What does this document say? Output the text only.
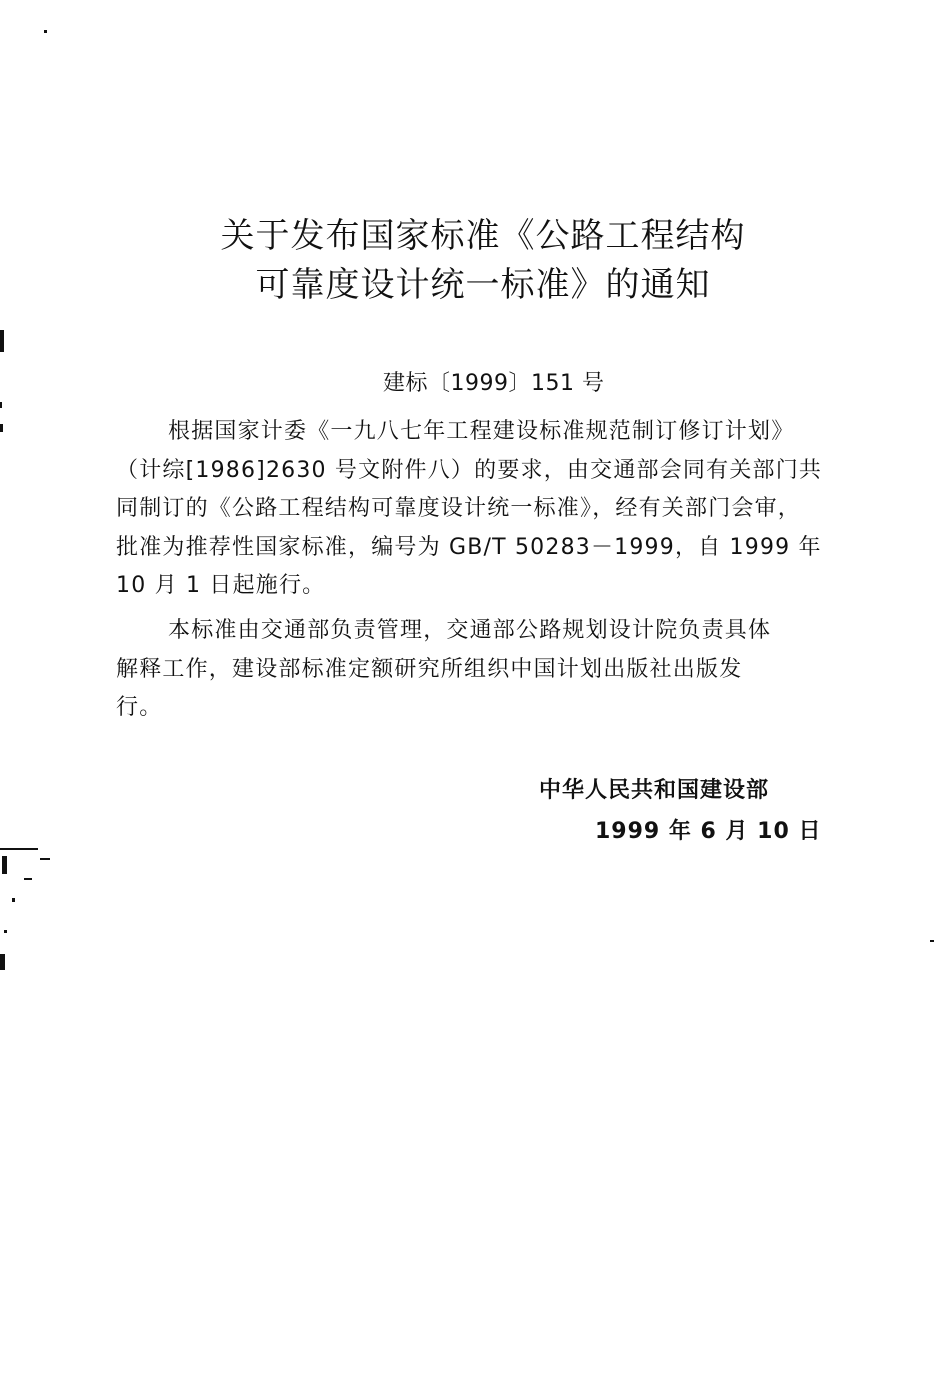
关于发布国家标准《公路工程结构
可靠度设计统一标准》的通知
建标〔1999〕151 号
根据国家计委《一九八七年工程建设标准规范制订修订计划》
（计综[1986]2630 号文附件八）的要求，由交通部会同有关部门共
同制订的《公路工程结构可靠度设计统一标准》，经有关部门会审，
批准为推荐性国家标准，编号为 GB/T 50283－1999，自 1999 年
10 月 1 日起施行。
本标准由交通部负责管理，交通部公路规划设计院负责具体
解释工作，建设部标准定额研究所组织中国计划出版社出版发
行。
中华人民共和国建设部
1999 年 6 月 10 日
